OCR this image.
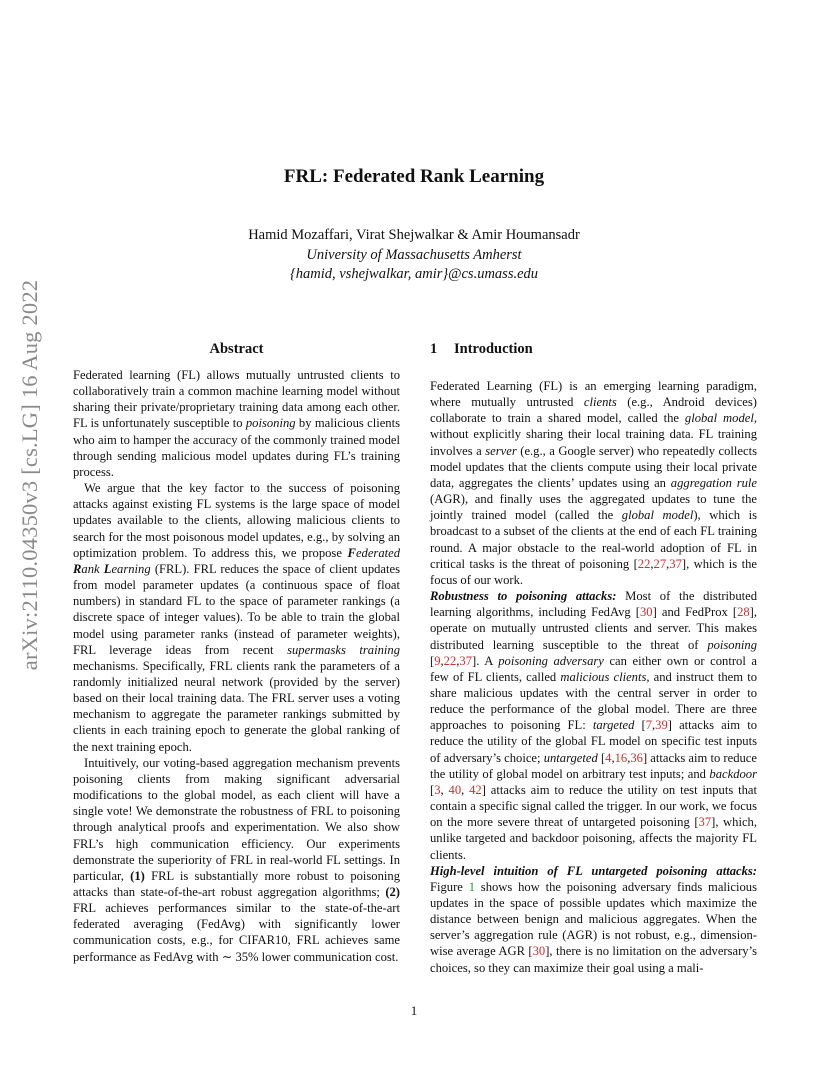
arXiv:2110.04350v3 [cs.LG] 16 Aug 2022
FRL: Federated Rank Learning
Hamid Mozaffari, Virat Shejwalkar & Amir Houmansadr
University of Massachusetts Amherst
{hamid, vshejwalkar, amir}@cs.umass.edu
Abstract

Federated learning (FL) allows mutually untrusted clients to collaboratively train a common machine learning model without sharing their private/proprietary training data among each other. FL is unfortunately susceptible to poisoning by malicious clients who aim to hamper the accuracy of the commonly trained model through sending malicious model updates during FL’s training process.

We argue that the key factor to the success of poisoning attacks against existing FL systems is the large space of model updates available to the clients, allowing malicious clients to search for the most poisonous model updates, e.g., by solving an optimization problem. To address this, we propose Federated Rank Learning (FRL). FRL reduces the space of client updates from model parameter updates (a continuous space of float numbers) in standard FL to the space of parameter rankings (a discrete space of integer values). To be able to train the global model using parameter ranks (instead of parameter weights), FRL leverage ideas from recent supermasks training mechanisms. Specifically, FRL clients rank the parameters of a randomly initialized neural network (provided by the server) based on their local training data. The FRL server uses a voting mechanism to aggregate the parameter rankings submitted by clients in each training epoch to generate the global ranking of the next training epoch.

Intuitively, our voting-based aggregation mechanism prevents poisoning clients from making significant adversarial modifications to the global model, as each client will have a single vote! We demonstrate the robustness of FRL to poisoning through analytical proofs and experimentation. We also show FRL’s high communication efficiency. Our experiments demonstrate the superiority of FRL in real-world FL settings. In particular, (1) FRL is substantially more robust to poisoning attacks than state-of-the-art robust aggregation algorithms; (2) FRL achieves performances similar to the state-of-the-art federated averaging (FedAvg) with significantly lower communication costs, e.g., for CIFAR10, FRL achieves same performance as FedAvg with ∼ 35% lower communication cost.

1	Introduction

Federated Learning (FL) is an emerging learning paradigm, where mutually untrusted clients (e.g., Android devices) collaborate to train a shared model, called the global model, without explicitly sharing their local training data. FL training involves a server (e.g., a Google server) who repeatedly collects model updates that the clients compute using their local private data, aggregates the clients’ updates using an aggregation rule (AGR), and finally uses the aggregated updates to tune the jointly trained model (called the global model), which is broadcast to a subset of the clients at the end of each FL training round. A major obstacle to the real-world adoption of FL in critical tasks is the threat of poisoning [22,27,37], which is the focus of our work.

Robustness to poisoning attacks: Most of the distributed learning algorithms, including FedAvg [30] and FedProx [28], operate on mutually untrusted clients and server. This makes distributed learning susceptible to the threat of poisoning [9,22,37]. A poisoning adversary can either own or control a few of FL clients, called malicious clients, and instruct them to share malicious updates with the central server in order to reduce the performance of the global model. There are three approaches to poisoning FL: targeted [7,39] attacks aim to reduce the utility of the global FL model on specific test inputs of adversary’s choice; untargeted [4,16,36] attacks aim to reduce the utility of global model on arbitrary test inputs; and backdoor [3, 40, 42] attacks aim to reduce the utility on test inputs that contain a specific signal called the trigger. In our work, we focus on the more severe threat of untargeted poisoning [37], which, unlike targeted and backdoor poisoning, affects the majority FL clients.

High-level intuition of FL untargeted poisoning attacks: Figure 1 shows how the poisoning adversary finds malicious updates in the space of possible updates which maximize the distance between benign and malicious aggregates. When the server’s aggregation rule (AGR) is not robust, e.g., dimension-wise average AGR [30], there is no limitation on the adversary’s choices, so they can maximize their goal using a mali-

1
